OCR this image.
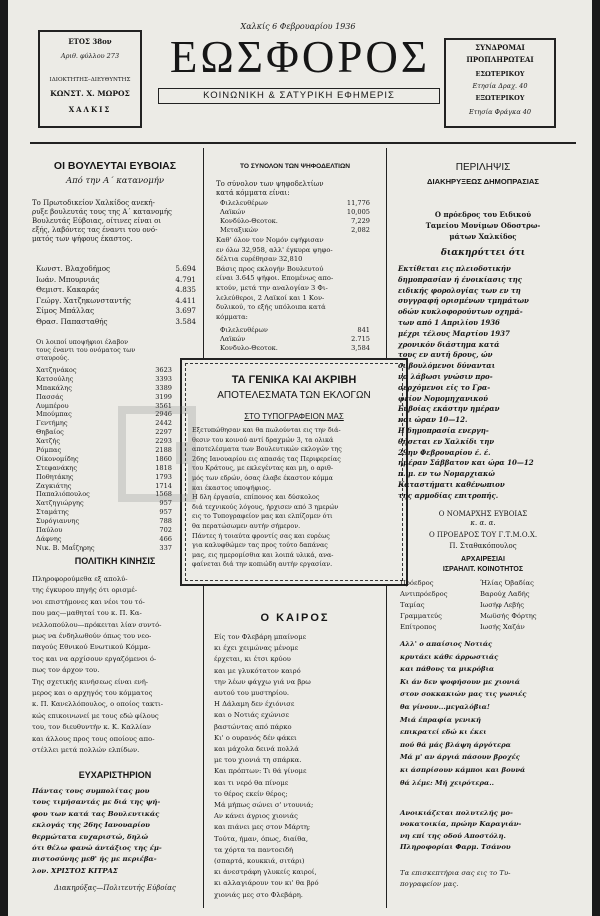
ΕΤΟΣ 38ον
Αριθ. φύλλου 273
ΙΔΙΟΚΤΗΤΗΣ–ΔΙΕΥΘΥΝΤΗΣ
ΚΩΝΣΤ. Χ. ΜΩΡΟΣ
ΧΑΛΚΙΣ
Χαλκίς 6 Φεβρουαρίου 1936
ΕΩΣΦΟΡΟΣ
ΚΟΙΝΩΝΙΚΗ & ΣΑΤΥΡΙΚΗ ΕΦΗΜΕΡΙΣ
ΣΥΝΔΡΟΜΑΙ
ΠΡΟΠΛΗΡΩΤΕΑΙ
ΕΣΩΤΕΡΙΚΟΥ
Ετησία Δραχ. 40
ΕΞΩΤΕΡΙΚΟΥ
Ετησία Φράγκα 40
ΟΙ ΒΟΥΛΕΥΤΑΙ ΕΥΒΟΙΑΣ
Από την Α΄ κατανομήν
Το Πρωτοδικείον Χαλκίδος ανεκή-
ρυξε βουλευτάς τους της Α΄ κατανομής
Βουλευτάς Εύβοιας, οίτινες είναι οι
εξής, λαβόντες τας έναντι του ονό-
ματός των ψήφους έκαστος.
Κωνστ. Βλαχοδήμος	5.694
Ιωάν. Μπουρνιάς	4.791
Θεμιστ. Κακαράς	4.835
Γεώργ. Χατζηκωνσταντής	4.411
Σίμος Μπάλλας	3.697
Θρασ. Παπασταθής	3.584
Οι λοιποί υποψήφιοι έλαβον
τους έναντι του ονόματος των
σταυρούς.
Χατζηνάκος	3623
Κατσούλης	3393
Μπακάλης	3389
Πασσάς	3199
Λυμπέρου	3561
Μπούμπας	2946
Γεντήμης	2442
Θηβαίος	2297
Χατζής	2293
Ρόμπας	2188
Οίκονομίδης	1860
Στεφανάκης	1818
Ποθητάκης	1793
Ζαγκιάτης	1714
Παπαλιόπουλος	1568
Χατζηγιώργης	957
Σταμάτης	957
Συρόγιαννης	788
Παύλου	702
Δάφνης	466
Νικ. Β. Μαΐζηρης	337
ΠΟΛΙΤΙΚΗ ΚΙΝΗΣΙΣ
Πληροφορούμεθα εξ απολύ-
της έγκυρου πηγής ότι ορισμέ-
νοι επιστήμονες και νέοι του τό-
που μας—μαθηταί του κ. Π. Κα-
νελλοπούλου—πρόκειται λίαν συντό-
μως να ένδηλωθούν όπως του νεο-
παγούς Εθνικού Ενωτικού Κόμμα-
τος και να αρχίσουν εργαζόμενοι ό-
πως τον άρχον του.
Της σχετικής κινήσεως είναι ενή-
μερος και ο αρχηγός του κόμματος
κ. Π. Κανελλόπουλος, ο οποίος τακτι-
κώς επικοινωνεί με τους εδώ φίλους
του, τον διευθυντήν κ. Κ. Καλλίαν
και άλλους προς τους οποίους απο-
στέλλει μετά πολλών ελπίδων.
ΕΥΧΑΡΙΣΤΗΡΙΟΝ
Πάντας τους συμπολίτας μου
τους τιμήσαντάς με διά της ψή-
φου των κατά τας Βουλευτικάς
εκλογάς της 26ης Ιανουαρίου
θερμώτατα ευχαριστώ, δηλώ
ότι θέλω φανώ άντάξιος της έμ-
πιστοσύνης μεθ' ής με περιέβα-
λον. ΧΡΙΣΤΟΣ ΚΙΤΡΑΣ
Διακηρύξας—Πολιτευτής Εύβοίας
ΤΟ ΣΥΝΟΛΟΝ ΤΩΝ ΨΗΦΟΔΕΛΤΙΩΝ
Το σύνολον των ψηφοδελτίων
κατά κόμματα είναι:
Φιλελευθέρων	11,776
Λαϊκών	10,005
Κονδύλο-Θεοτοκ.	7,229
Μεταξικών	2,082
Καθ' όλον τον Νομόν εψήφισαν
εν όλω 32,958, αλλ' έγκυρα ψηφο-
δέλτια ευρέθησαν 32,810
Βάσις προς εκλογήν Βουλευτού
είναι 3.645 ψήφοι. Επομένως απο-
κτούν, μετά την αναλογίαν 3 Φι-
λελεύθεροι, 2 Λαϊκοί και 1 Κον-
δυλικού, το εξής υπόλοιπα κατά
κόμματα:
Φιλελευθέρων	841
Λαϊκών	2.715
Κονδυλο-Θεοτοκ.	3,584
ΤΑ ΓΕΝΙΚΑ ΚΑΙ ΑΚΡΙΒΗ
ΑΠΟΤΕΛΕΣΜΑΤΑ ΤΩΝ ΕΚΛΟΓΩΝ
ΣΤΟ ΤΥΠΟΓΡΑΦΕΙΟΝ ΜΑΣ
Εξετυπώθησαν και θα πωλούνται εις την διά-
θεσιν του κοινού αντί δραχμών 3, τα ολικά
αποτελέσματα των Βουλευτικών εκλογών της
26ης Ιανουαρίου εις απασάς τας Περιφερείας
του Κράτους, με εκλεγέντας και μη, ο αριθ-
μός των εδρών, όσας έλαβε έκαστον κόμμα
και έκαστος υποψήφιος.
Η δλη έργασία, επίπονος και δύσκολος
διά τεχνικούς λόγους, ήρχισεν από 3 ημερών
εις το Τυπογραφείον μας και ελπίζομεν ότι
θα περατώσωμεν αυτήν σήμερον.
Πάντες ή τοιαύτα φροντίς σας και ευρέως
για καλυφθώμεν τας προς τούτο δαπάνας
μας, εις ημερομίσθια και λοιπά υλικά, ανα-
φαίνεται διά την κοπιώδη αυτήν εργασίαν.
Ο ΚΑΙΡΟΣ
Είς τον Φλεβάρη μπαίνομε
κι έχει χειμώνας μένομε
έρχεται, κι έτσι κρύου
και με γλυκότατον καιρό
την λέων φάγχω γιά να βρω
αυτού του μυστηρίου.
Η Δάλαμη δεν έχιόνισε
και ο Νοτιάς εχώνισε
βαστώντας από πάρκο
Κι' ο ουρανός δέν φάκει
και μάχολα δεινά πολλά
με του χιονιά τη σπάρκα.
Και πρόπτων: Τι θά γίνομε
και τι νερό θα πίνομε
το θέρος εκείν θέρος;
Μά μήπως σώνει σ' ντουνιά;
Αν κάνει άγριος χιονιάς
και πιάνει μες στον Μάρτη;
Τούτα, ήμαν, όπως, διαίθα,
τα χόρτα τα παντοειδή
(σπαρτά, κουκκιά, σιτάρι)
κι άνεστράφη γλυκείς καιροί,
κι αλλαγιάρουν τον κι' θα βρό
χιονιάς μες στο Φλεβάρη.
ΠΕΡΙΛΗΨΙΣ
ΔΙΑΚΗΡΥΞΕΩΣ ΔΗΜΟΠΡΑΣΙΑΣ
Ο πρόεδρος του Ειδικού
Ταμείου Μονίμων Οδοστρω-
μάτων Χαλκίδος
διακηρύττει ότι
Εκτίθεται εις πλειοδοτικήν
δημοπρασίαν ή ένοικίασις της
ειδικής φορολογίας των εν τη
συγγραφή ορισμένων τμημάτων
οδών κυκλοφορούντων οχημά-
των από 1 Απριλίου 1936
μέχρι τέλους Μαρτίου 1937
χρονικόν διάστημα κατά
τους εν αυτή δρους, ών
οι βουλόμενοι δύνανται
να λάβωσι γνώσιν προ-
σερχόμενοι είς το Γρα-
φείον Νομομηχανικού
Εύβοίας εκάστην ημέραν
και ώραν 10—12.
Η δημοπρασία ενεργη-
θήσεται εν Χαλκίδι την
29ην Φεβρουαρίου έ. έ.
ημέραν Σάββατον και ώρα 10—12
π. μ. εν τω Νομαρχιακώ
Καταστήματι καθένωπιον
της αρμοδίας επιτροπής.
Ο ΝΟΜΑΡΧΗΣ ΕΥΒΟΙΑΣ
κ. α. α.
Ο ΠΡΟΕΔΡΟΣ ΤΟΥ Γ.Τ.Μ.Ο.Χ.
Π. Σταθακόπουλος
ΑΡΧΑΙΡΕΣΙΑΙ
ΙΣΡΑΗΛΙΤ. ΚΟΙΝΟΤΗΤΟΣ
Πρόεδρος	Ήλίας Όβαδίας
Αντιπρόεδρος	Βαρούχ Λαδής
Ταμίας	Ιωσήφ Λεβής
Γραμματεύς	Μωϋσής Φόρτης
Επίτροπος	Ιωσής Χαζάν
Αλλ' ο απαίσιος Νοτιάς
κρυτάει κάθε άρρωστιάς
και πάθους τα μικρόβια
Κι άν δεν ψοφήσουν με χιονιά
στον σοκκακιών μας τις γωνιές
θα γίνουν...μεγαλόβια!
Μιά έπραφία γενική
επικρατεί εδώ κι έκει
πού θά μάς βλάψη άργότερα
Μά μ' αν άργιά πάσουν βροχές
κι άσπρίσουν κάμποι και βουνά
θά λέμε: Μή χειρότερα..
Ανοικιάζεται πολυτελής μο-
νοκατοικία, πρώην Καραγιάν-
νη επί της οδού Αποστόλη.
Πληροφορίαι Φαρμ. Τσάνου
Τα επισκεπτήρια σας εις το Τυ-
πογραφείον μας.
